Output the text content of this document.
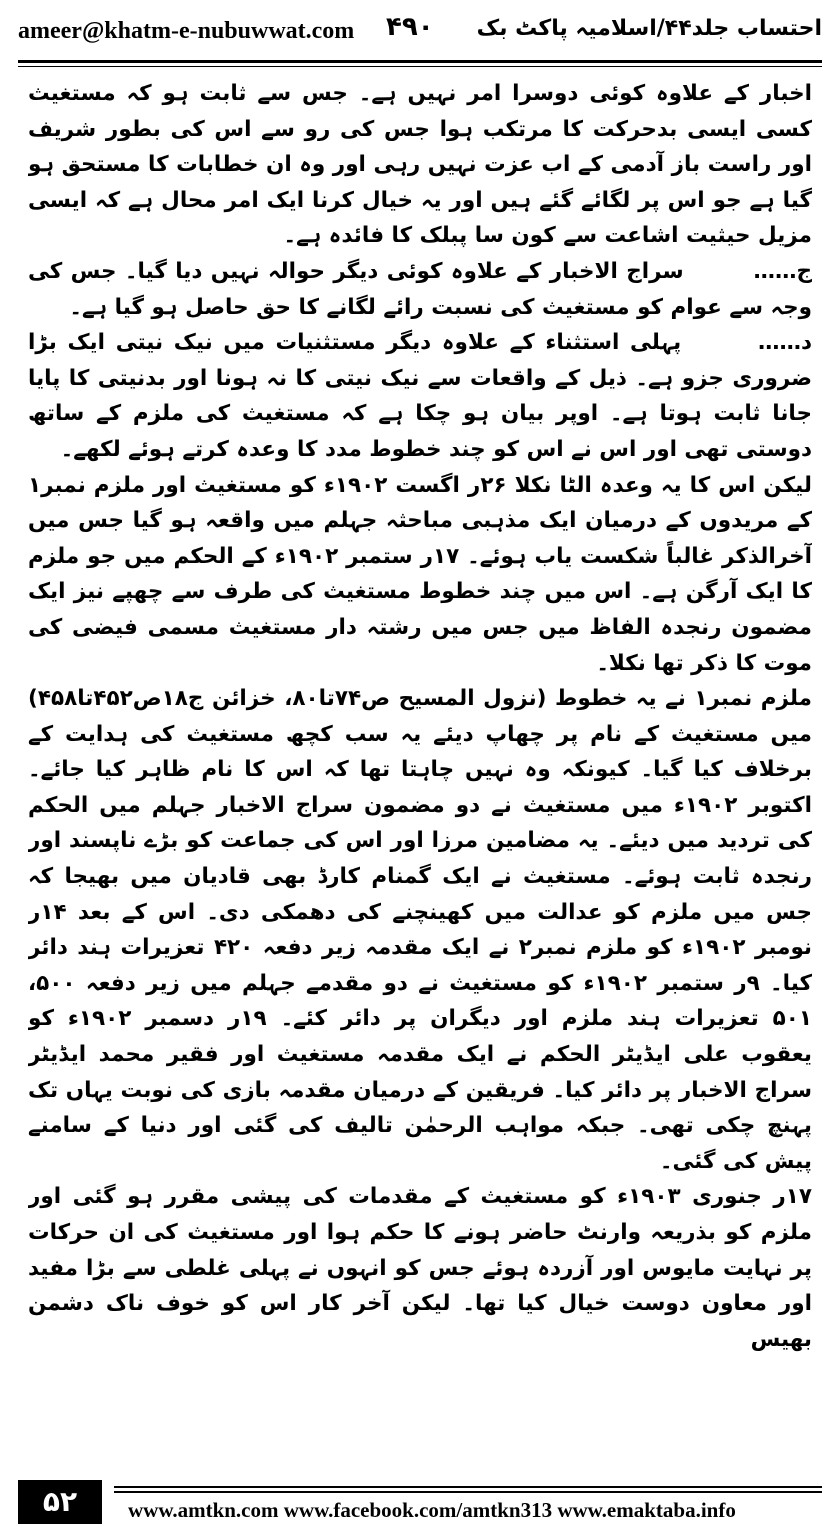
ameer@khatm-e-nubuwwat.com ۴۹۰ احتساب جلد۴۴/اسلامیہ پاکٹ بک

اخبار کے علاوہ کوئی دوسرا امر نہیں ہے۔ جس سے ثابت ہو کہ مستغیث کسی ایسی بدحرکت کا مرتکب ہوا جس کی رو سے اس کی بطور شریف اور راست باز آدمی کے اب عزت نہیں رہی اور وہ ان خطابات کا مستحق ہو گیا ہے جو اس پر لگائے گئے ہیں اور یہ خیال کرنا ایک امر محال ہے کہ ایسی مزیل حیثیت اشاعت سے کون سا پبلک کا فائدہ ہے۔

ج…… سراج الاخبار کے علاوہ کوئی دیگر حوالہ نہیں دیا گیا۔ جس کی وجہ سے عوام کو مستغیث کی نسبت رائے لگانے کا حق حاصل ہو گیا ہے۔

د…… پہلی استثناء کے علاوہ دیگر مستثنیات میں نیک نیتی ایک بڑا ضروری جزو ہے۔ ذیل کے واقعات سے نیک نیتی کا نہ ہونا اور بدنیتی کا پایا جانا ثابت ہوتا ہے۔ اوپر بیان ہو چکا ہے کہ مستغیث کی ملزم کے ساتھ دوستی تھی اور اس نے اس کو چند خطوط مدد کا وعدہ کرتے ہوئے لکھے۔

لیکن اس کا یہ وعدہ الٹا نکلا ۲۶ر اگست ۱۹۰۲ء کو مستغیث اور ملزم نمبر۱ کے مریدوں کے درمیان ایک مذہبی مباحثہ جہلم میں واقعہ ہو گیا جس میں آخرالذکر غالباً شکست یاب ہوئے۔ ۱۷ر ستمبر ۱۹۰۲ء کے الحکم میں جو ملزم کا ایک آرگن ہے۔ اس میں چند خطوط مستغیث کی طرف سے چھپے نیز ایک مضمون رنجدہ الفاظ میں جس میں رشتہ دار مستغیث مسمی فیضی کی موت کا ذکر تھا نکلا۔

ملزم نمبر۱ نے یہ خطوط (نزول المسیح ص۷۴تا۸۰، خزائن ج۱۸ص۴۵۲تا۴۵۸) میں مستغیث کے نام پر چھاپ دیئے یہ سب کچھ مستغیث کی ہدایت کے برخلاف کیا گیا۔ کیونکہ وہ نہیں چاہتا تھا کہ اس کا نام ظاہر کیا جائے۔ اکتوبر ۱۹۰۲ء میں مستغیث نے دو مضمون سراج الاخبار جہلم میں الحکم کی تردید میں دیئے۔ یہ مضامین مرزا اور اس کی جماعت کو بڑے ناپسند اور رنجدہ ثابت ہوئے۔ مستغیث نے ایک گمنام کارڈ بھی قادیان میں بھیجا کہ جس میں ملزم کو عدالت میں کھینچنے کی دھمکی دی۔ اس کے بعد ۱۴ر نومبر ۱۹۰۲ء کو ملزم نمبر۲ نے ایک مقدمہ زیر دفعہ ۴۲۰ تعزیرات ہند دائر کیا۔ ۹ر ستمبر ۱۹۰۲ء کو مستغیث نے دو مقدمے جہلم میں زیر دفعہ ۵۰۰، ۵۰۱ تعزیرات ہند ملزم اور دیگران پر دائر کئے۔ ۱۹ر دسمبر ۱۹۰۲ء کو یعقوب علی ایڈیٹر الحکم نے ایک مقدمہ مستغیث اور فقیر محمد ایڈیٹر سراج الاخبار پر دائر کیا۔ فریقین کے درمیان مقدمہ بازی کی نوبت یہاں تک پہنچ چکی تھی۔ جبکہ مواہب الرحمٰن تالیف کی گئی اور دنیا کے سامنے پیش کی گئی۔

۱۷ر جنوری ۱۹۰۳ء کو مستغیث کے مقدمات کی پیشی مقرر ہو گئی اور ملزم کو بذریعہ وارنٹ حاضر ہونے کا حکم ہوا اور مستغیث کی ان حرکات پر نہایت مایوس اور آزردہ ہوئے جس کو انہوں نے پہلی غلطی سے بڑا مفید اور معاون دوست خیال کیا تھا۔ لیکن آخر کار اس کو خوف ناک دشمن بھیس

۵۲	www.amtkn.com www.facebook.com/amtkn313 www.emaktaba.info
